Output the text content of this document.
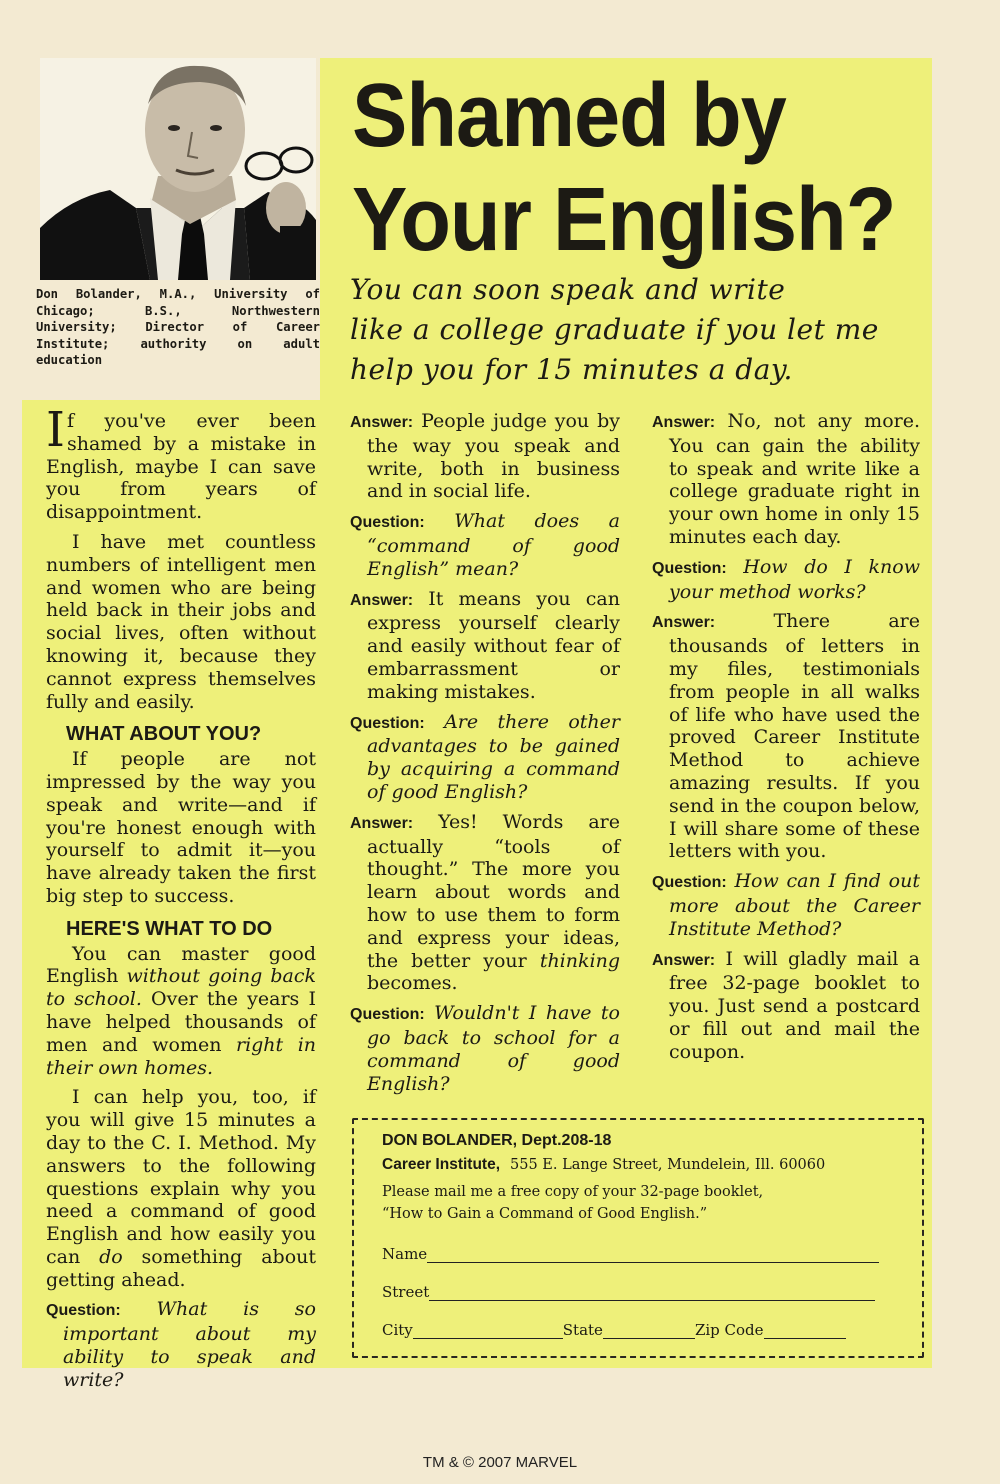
Don Bolander, M.A., University of Chicago; B.S., Northwestern University; Director of Career Institute; authority on adult education
Shamed by
Your English?
You can soon speak and write
like a college graduate if you let me
help you for 15 minutes a day.

If you've ever been shamed by a mistake in English, maybe I can save you from years of disappointment.

I have met countless numbers of intelligent men and women who are being held back in their jobs and social lives, often without knowing it, because they cannot express themselves fully and easily.

WHAT ABOUT YOU?

If people are not impressed by the way you speak and write—and if you're honest enough with yourself to admit it—you have already taken the first big step to success.

HERE'S WHAT TO DO

You can master good English without going back to school. Over the years I have helped thousands of men and women right in their own homes.

I can help you, too, if you will give 15 minutes a day to the C. I. Method. My answers to the following questions explain why you need a command of good English and how easily you can do something about getting ahead.

Question: What is so important about my ability to speak and write?

Answer: People judge you by the way you speak and write, both in business and in social life.

Question: What does a “command of good English” mean?

Answer: It means you can express yourself clearly and easily without fear of embarrassment or making mistakes.

Question: Are there other advantages to be gained by acquiring a command of good English?

Answer: Yes! Words are actually “tools of thought.” The more you learn about words and how to use them to form and express your ideas, the better your thinking becomes.

Question: Wouldn't I have to go back to school for a command of good English?

Answer: No, not any more. You can gain the ability to speak and write like a college graduate right in your own home in only 15 minutes each day.

Question: How do I know your method works?

Answer:	There are thousands of letters in my files, testimonials from people in all walks of life who have used the proved Career Institute Method to achieve amazing results. If you send in the coupon below, I will share some of these letters with you.

Question: How can I find out more about the Career Institute Method?

Answer: I will gladly mail a free 32-page booklet to you. Just send a postcard or fill out and mail the coupon.

DON BOLANDER, Dept.208-18
Career Institute, 555 E. Lange Street, Mundelein, Ill. 60060
Please mail me a free copy of your 32-page booklet,
“How to Gain a Command of Good English.”
Name
Street
City	State	Zip Code
TM & © 2007 MARVEL
